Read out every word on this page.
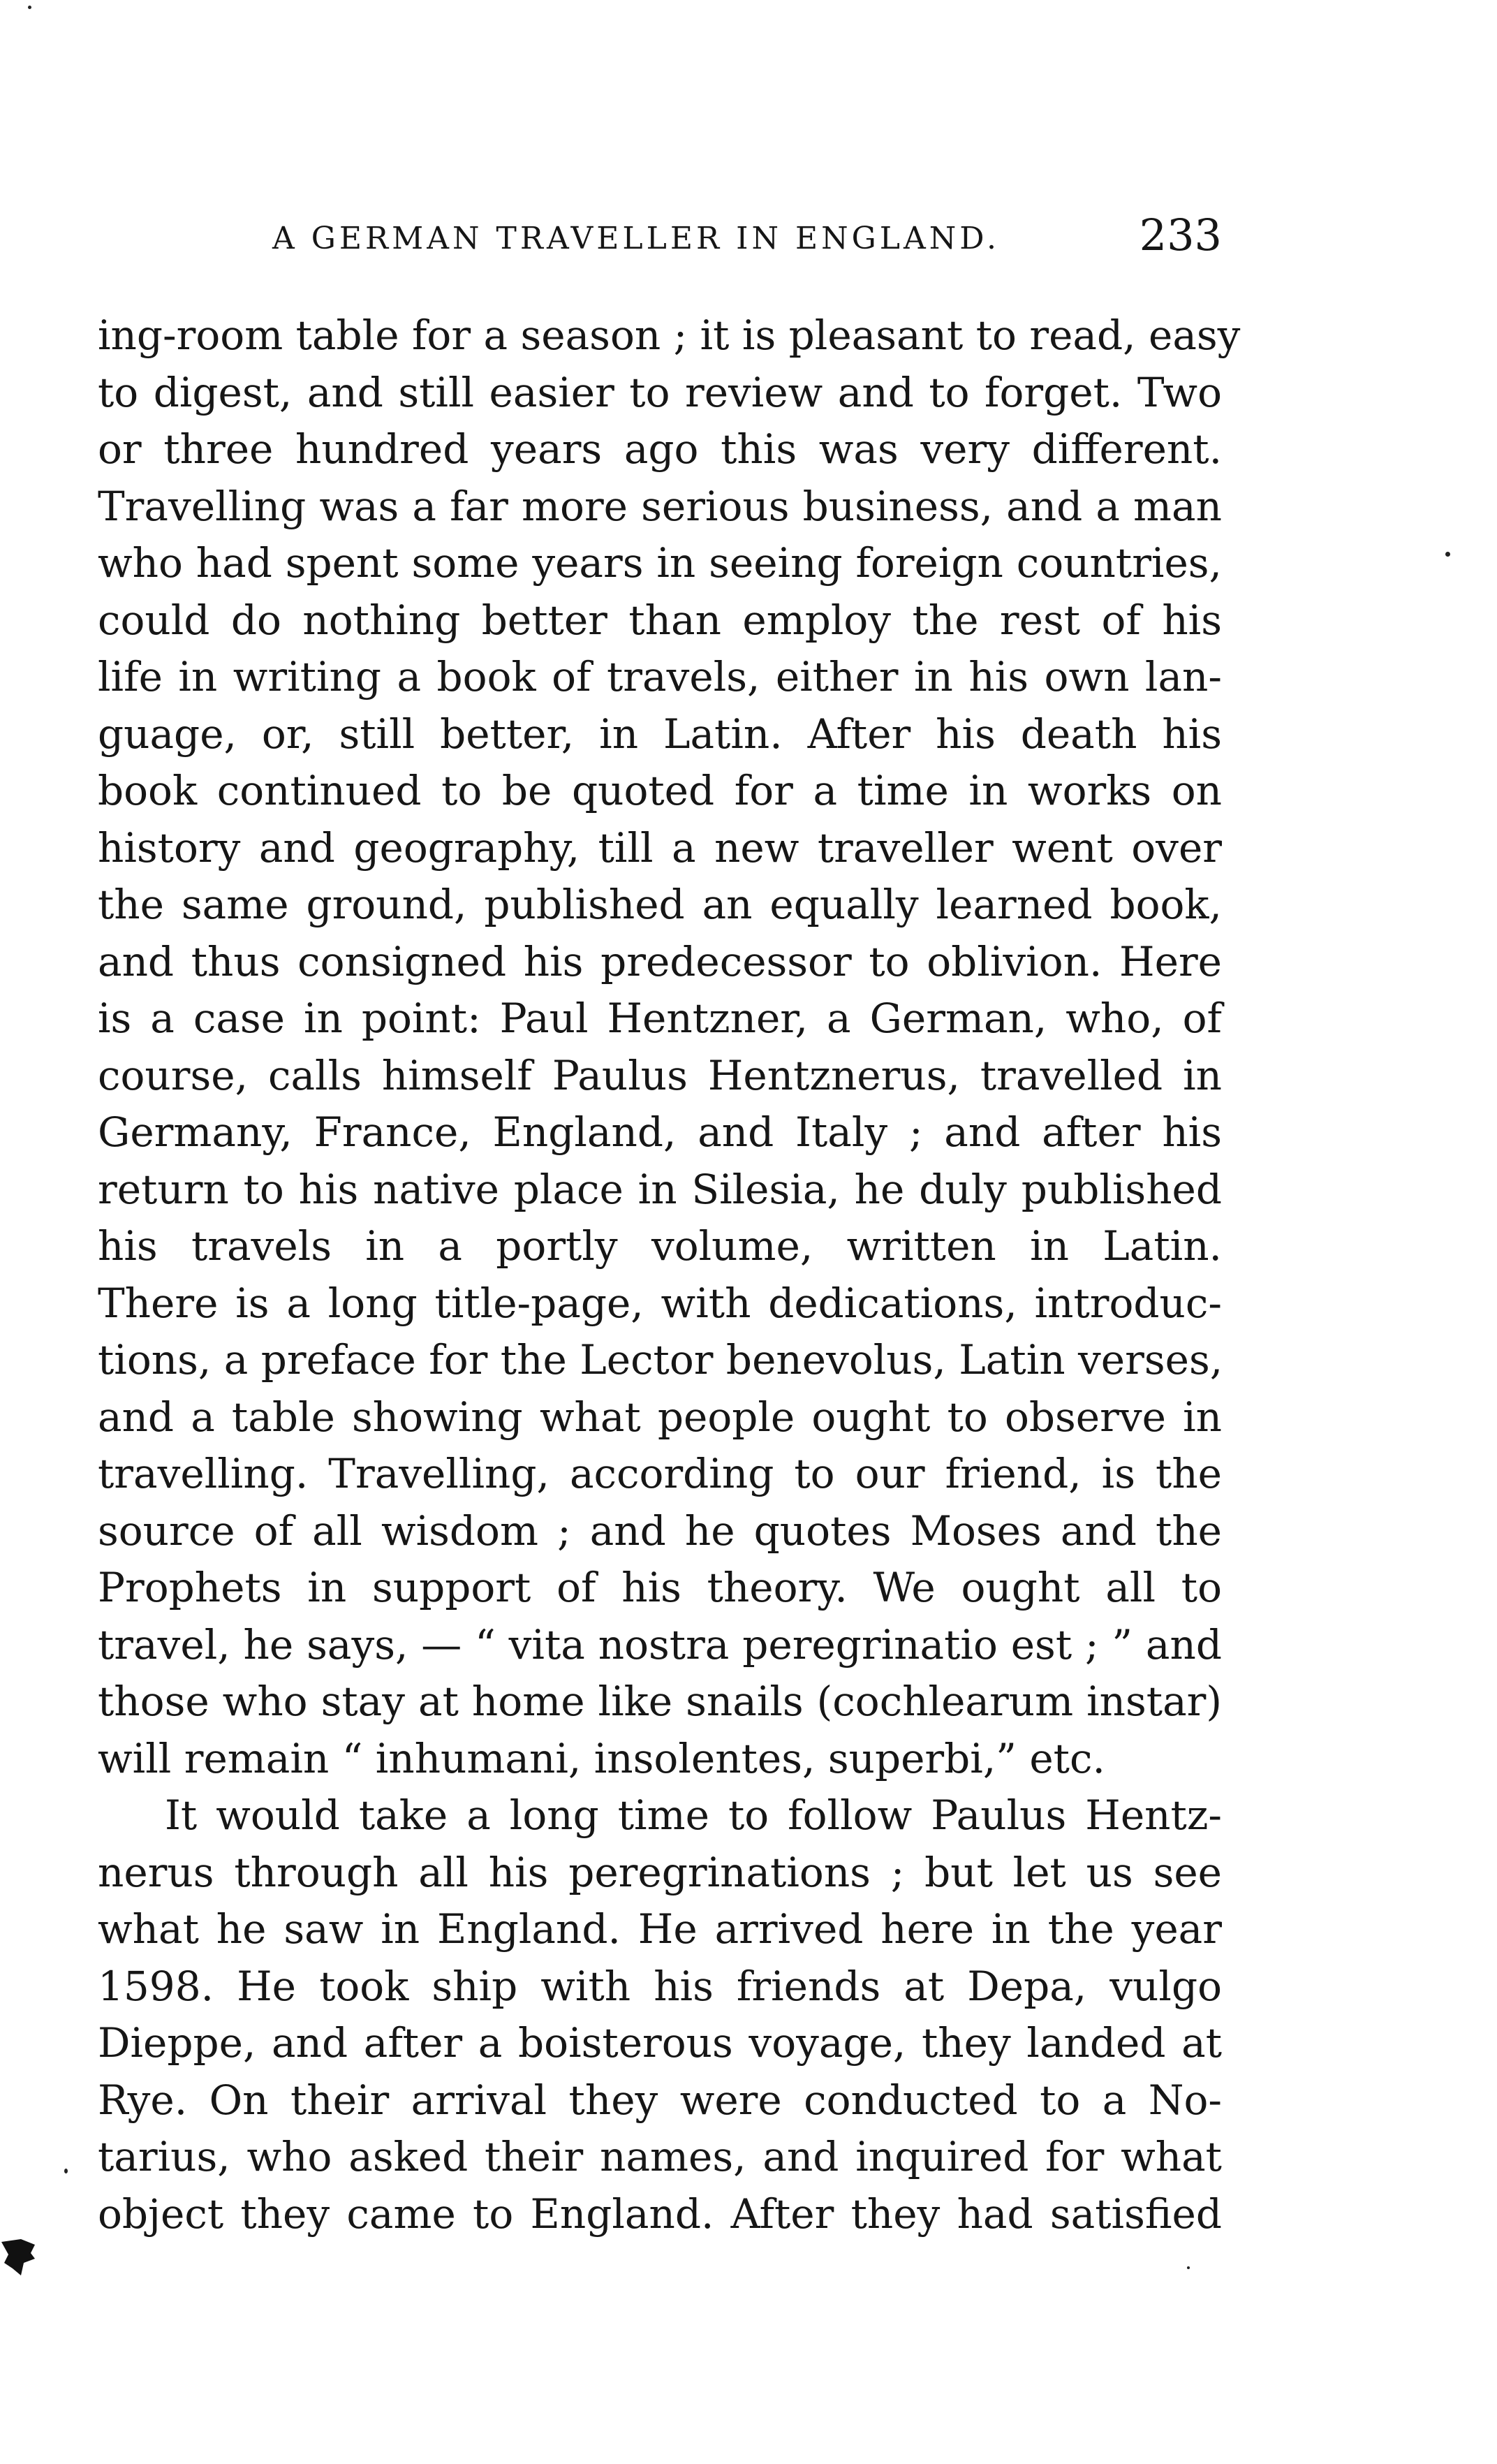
A GERMAN TRAVELLER IN ENGLAND.	233
ing-room table for a season ; it is pleasant to read, easy
to digest, and still easier to review and to forget. Two
or three hundred years ago this was very different.
Travelling was a far more serious business, and a man
who had spent some years in seeing foreign countries,
could do nothing better than employ the rest of his
life in writing a book of travels, either in his own lan-
guage, or, still better, in Latin. After his death his
book continued to be quoted for a time in works on
history and geography, till a new traveller went over
the same ground, published an equally learned book,
and thus consigned his predecessor to oblivion. Here
is a case in point: Paul Hentzner, a German, who, of
course, calls himself Paulus Hentznerus, travelled in
Germany, France, England, and Italy ; and after his
return to his native place in Silesia, he duly published
his travels in a portly volume, written in Latin.
There is a long title-page, with dedications, introduc-
tions, a preface for the Lector benevolus, Latin verses,
and a table showing what people ought to observe in
travelling. Travelling, according to our friend, is the
source of all wisdom ; and he quotes Moses and the
Prophets in support of his theory. We ought all to
travel, he says, — “ vita nostra peregrinatio est ; ” and
those who stay at home like snails (cochlearum instar)
will remain “ inhumani, insolentes, superbi,” etc.
It would take a long time to follow Paulus Hentz-
nerus through all his peregrinations ; but let us see
what he saw in England. He arrived here in the year
1598. He took ship with his friends at Depa, vulgo
Dieppe, and after a boisterous voyage, they landed at
Rye. On their arrival they were conducted to a No-
tarius, who asked their names, and inquired for what
object they came to England. After they had satisfied
